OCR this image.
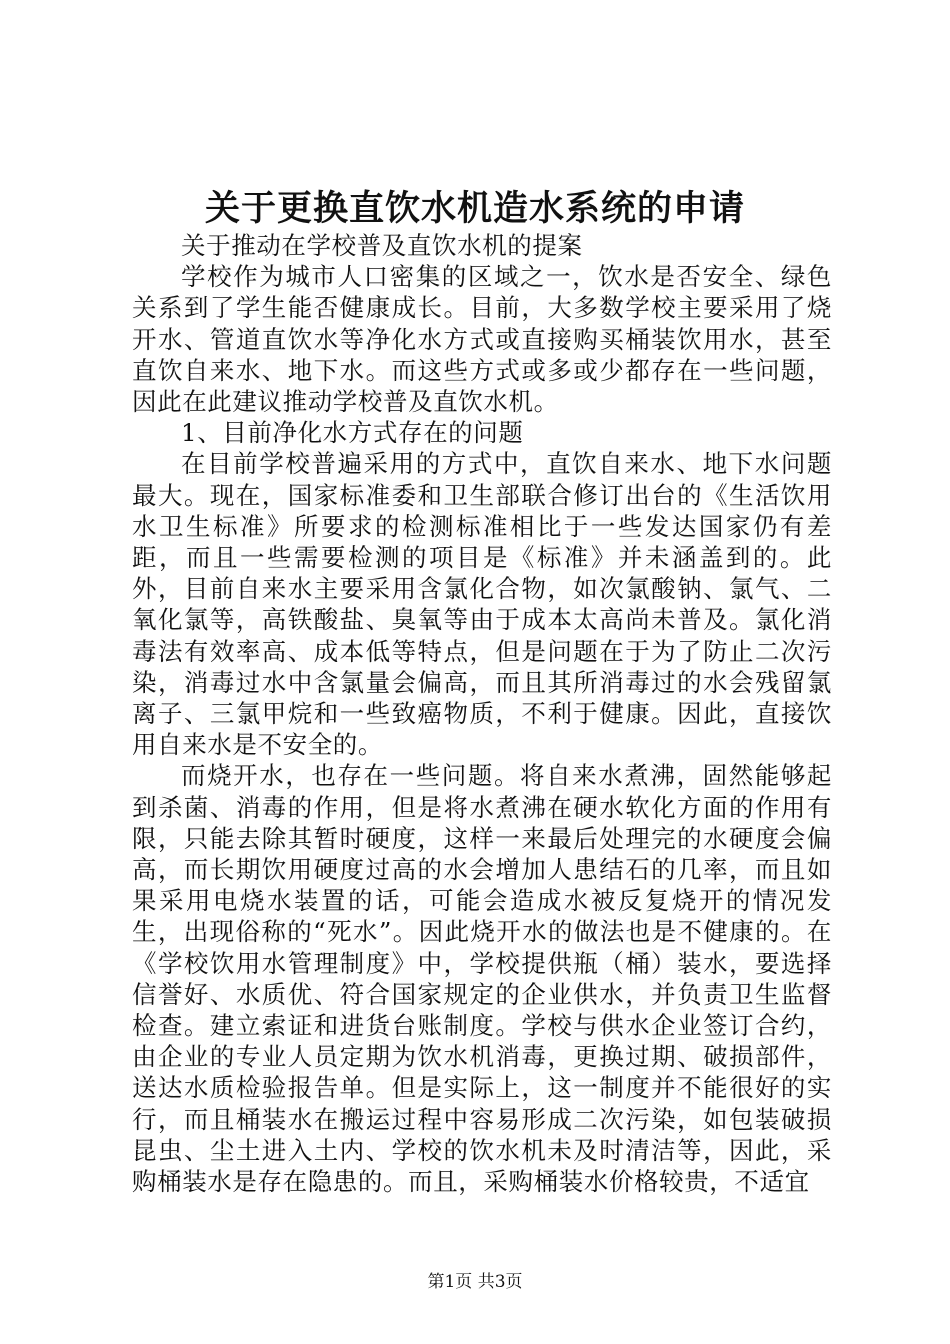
关于更换直饮水机造水系统的申请

关于推动在学校普及直饮水机的提案

学校作为城市人口密集的区域之一，饮水是否安全、绿色关系到了学生能否健康成长。目前，大多数学校主要采用了烧开水、管道直饮水等净化水方式或直接购买桶装饮用水，甚至直饮自来水、地下水。而这些方式或多或少都存在一些问题，因此在此建议推动学校普及直饮水机。

1、目前净化水方式存在的问题

在目前学校普遍采用的方式中，直饮自来水、地下水问题最大。现在，国家标准委和卫生部联合修订出台的《生活饮用水卫生标准》所要求的检测标准相比于一些发达国家仍有差距，而且一些需要检测的项目是《标准》并未涵盖到的。此外，目前自来水主要采用含氯化合物，如次氯酸钠、氯气、二氧化氯等，高铁酸盐、臭氧等由于成本太高尚未普及。氯化消毒法有效率高、成本低等特点，但是问题在于为了防止二次污染，消毒过水中含氯量会偏高，而且其所消毒过的水会残留氯离子、三氯甲烷和一些致癌物质，不利于健康。因此，直接饮用自来水是不安全的。

而烧开水，也存在一些问题。将自来水煮沸，固然能够起到杀菌、消毒的作用，但是将水煮沸在硬水软化方面的作用有限，只能去除其暂时硬度，这样一来最后处理完的水硬度会偏高，而长期饮用硬度过高的水会增加人患结石的几率，而且如果采用电烧水装置的话，可能会造成水被反复烧开的情况发生，出现俗称的“死水”。因此烧开水的做法也是不健康的。在《学校饮用水管理制度》中，学校提供瓶（桶）装水，要选择信誉好、水质优、符合国家规定的企业供水，并负责卫生监督检查。建立索证和进货台账制度。学校与供水企业签订合约，由企业的专业人员定期为饮水机消毒，更换过期、破损部件，送达水质检验报告单。但是实际上，这一制度并不能很好的实行，而且桶装水在搬运过程中容易形成二次污染，如包装破损昆虫、尘土进入土内、学校的饮水机未及时清洁等，因此，采购桶装水是存在隐患的。而且，采购桶装水价格较贵，不适宜

第1页 共3页
